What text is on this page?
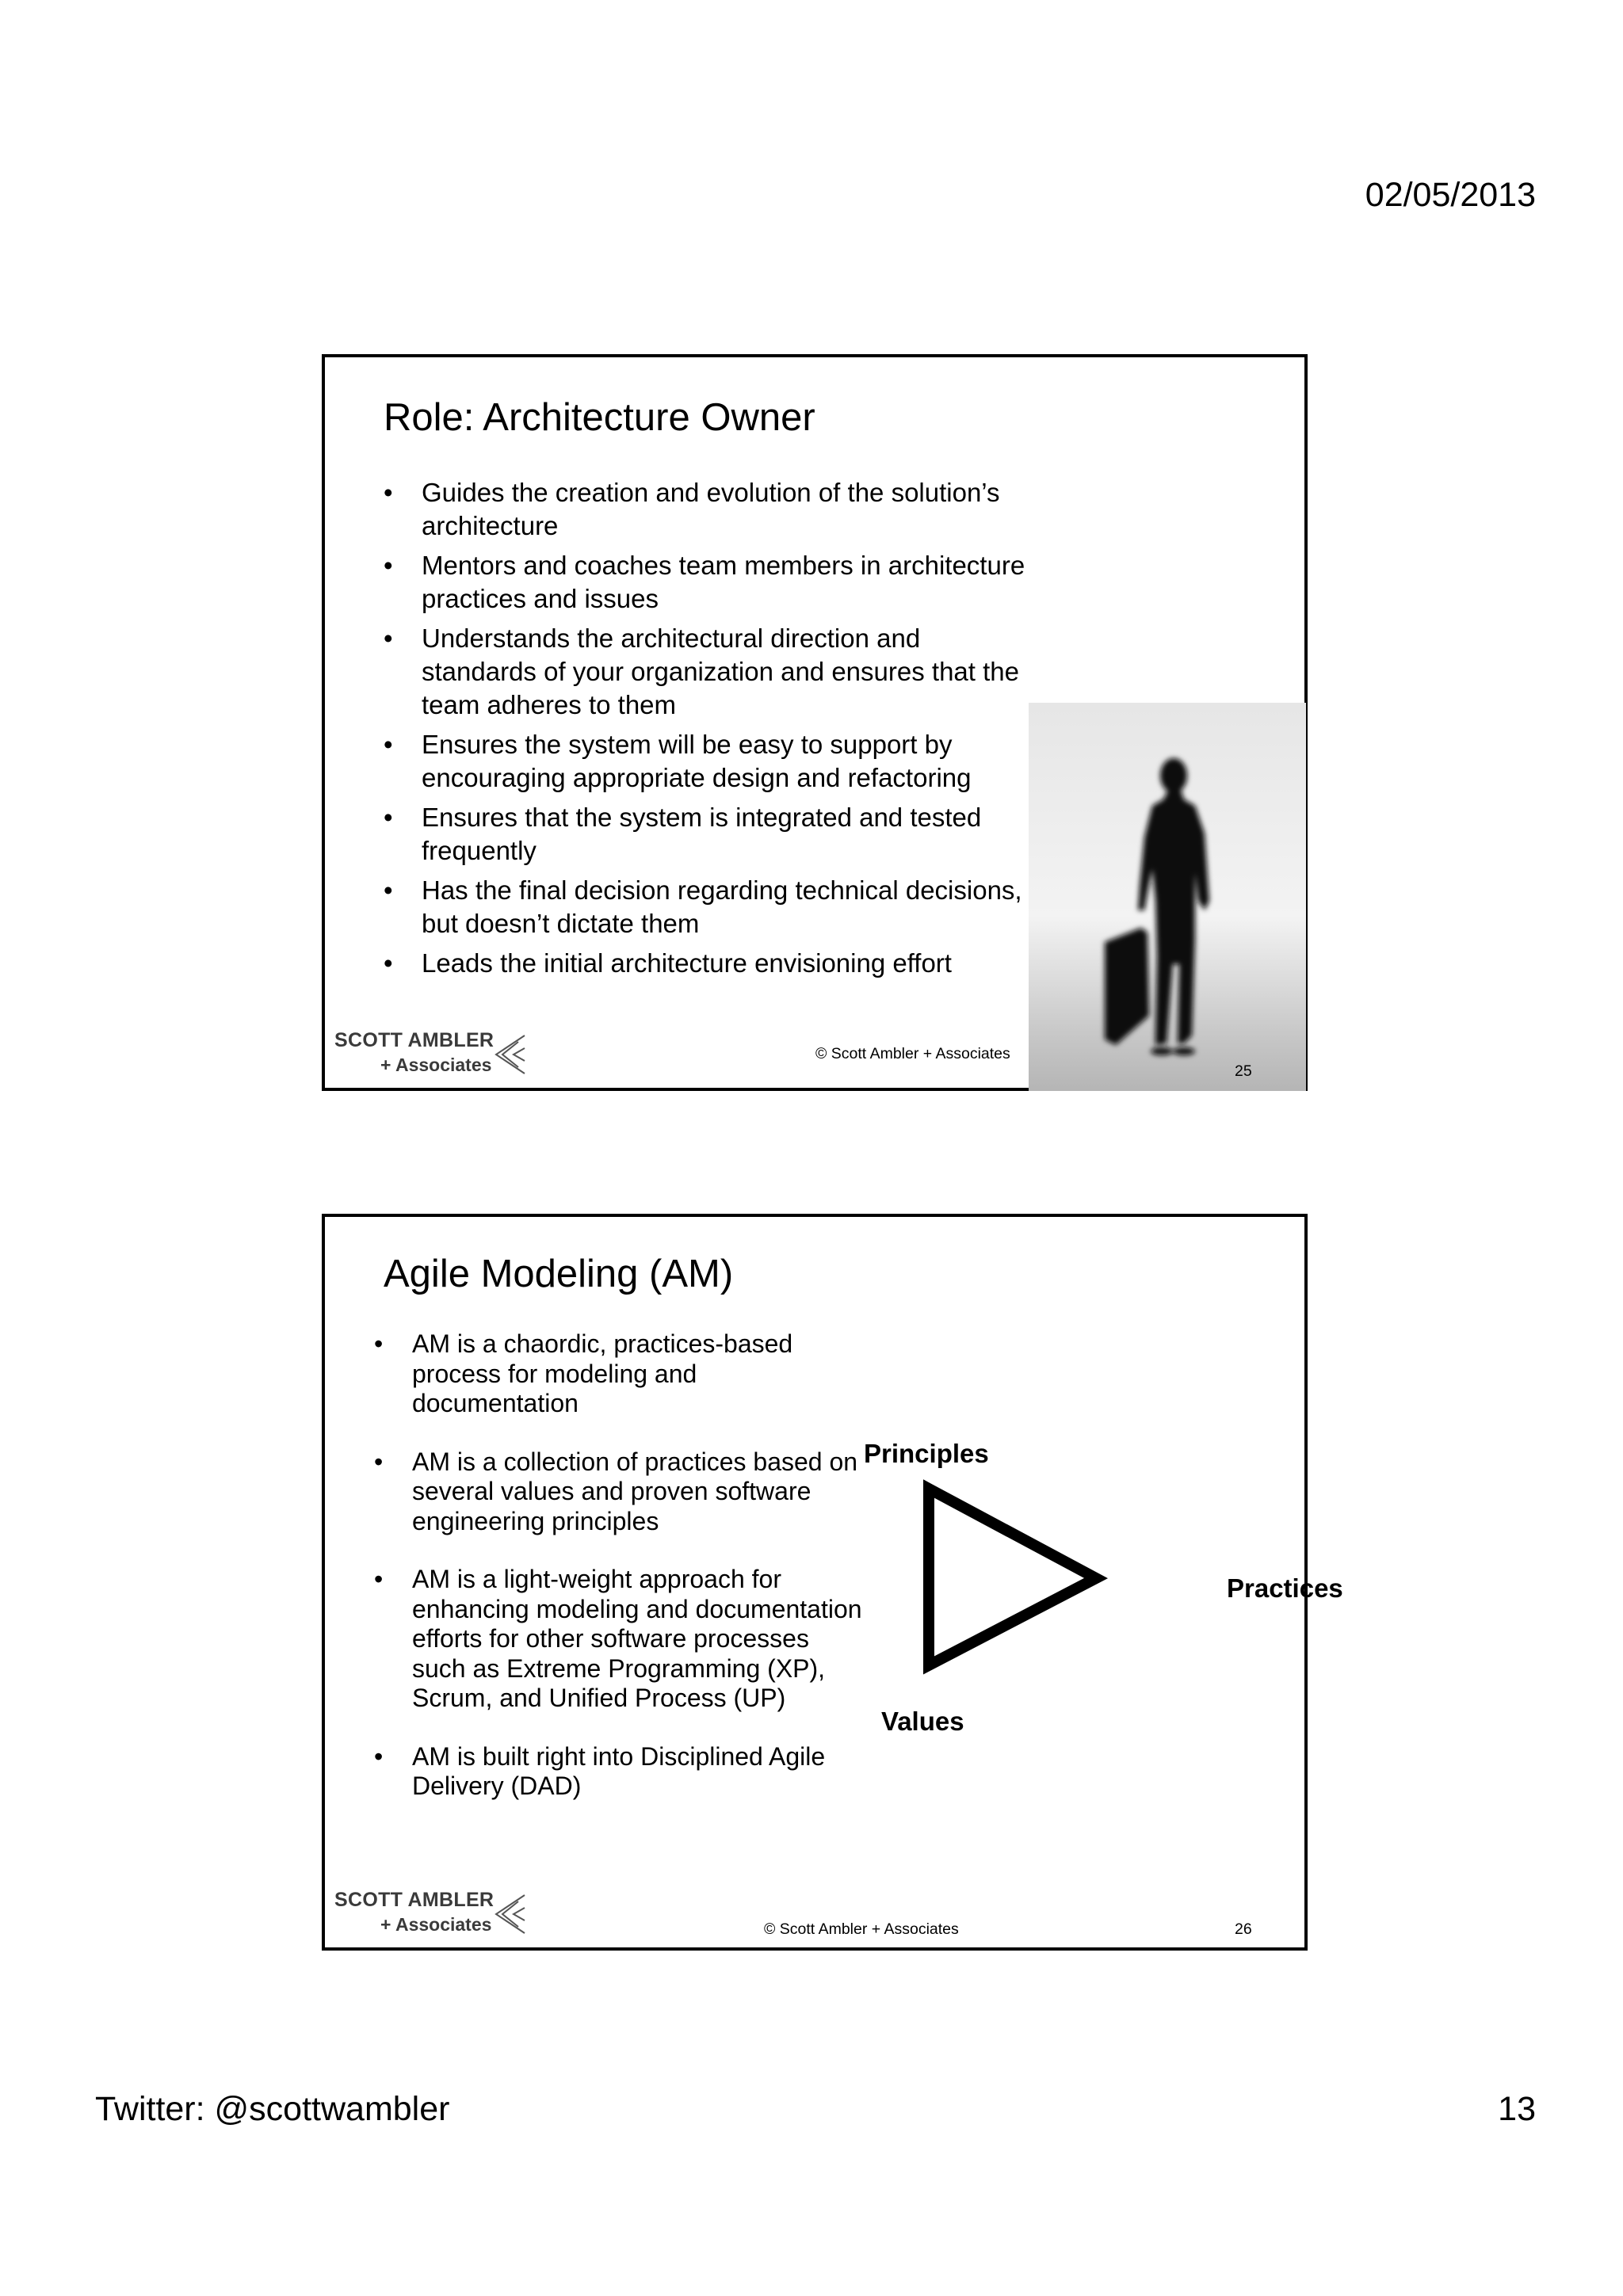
02/05/2013
Role: Architecture Owner
• Guides the creation and evolution of the solution’s architecture
• Mentors and coaches team members in architecture practices and issues
• Understands the architectural direction and standards of your organization and ensures that the team adheres to them
• Ensures the system will be easy to support by encouraging appropriate design and refactoring
• Ensures that the system is integrated and tested frequently
• Has the final decision regarding technical decisions, but doesn’t dictate them
• Leads the initial architecture envisioning effort
SCOTT AMBLER
+ Associates
© Scott Ambler + Associates
25
Agile Modeling (AM)
• AM is a chaordic, practices-based process for modeling and documentation
• AM is a collection of practices based on several values and proven software engineering principles
• AM is a light-weight approach for enhancing modeling and documentation efforts for other software processes such as Extreme Programming (XP), Scrum, and Unified Process (UP)
• AM is built right into Disciplined Agile Delivery (DAD)
Principles
Practices
Values
SCOTT AMBLER
+ Associates	© Scott Ambler + Associates	26
Twitter: @scottwambler	13
